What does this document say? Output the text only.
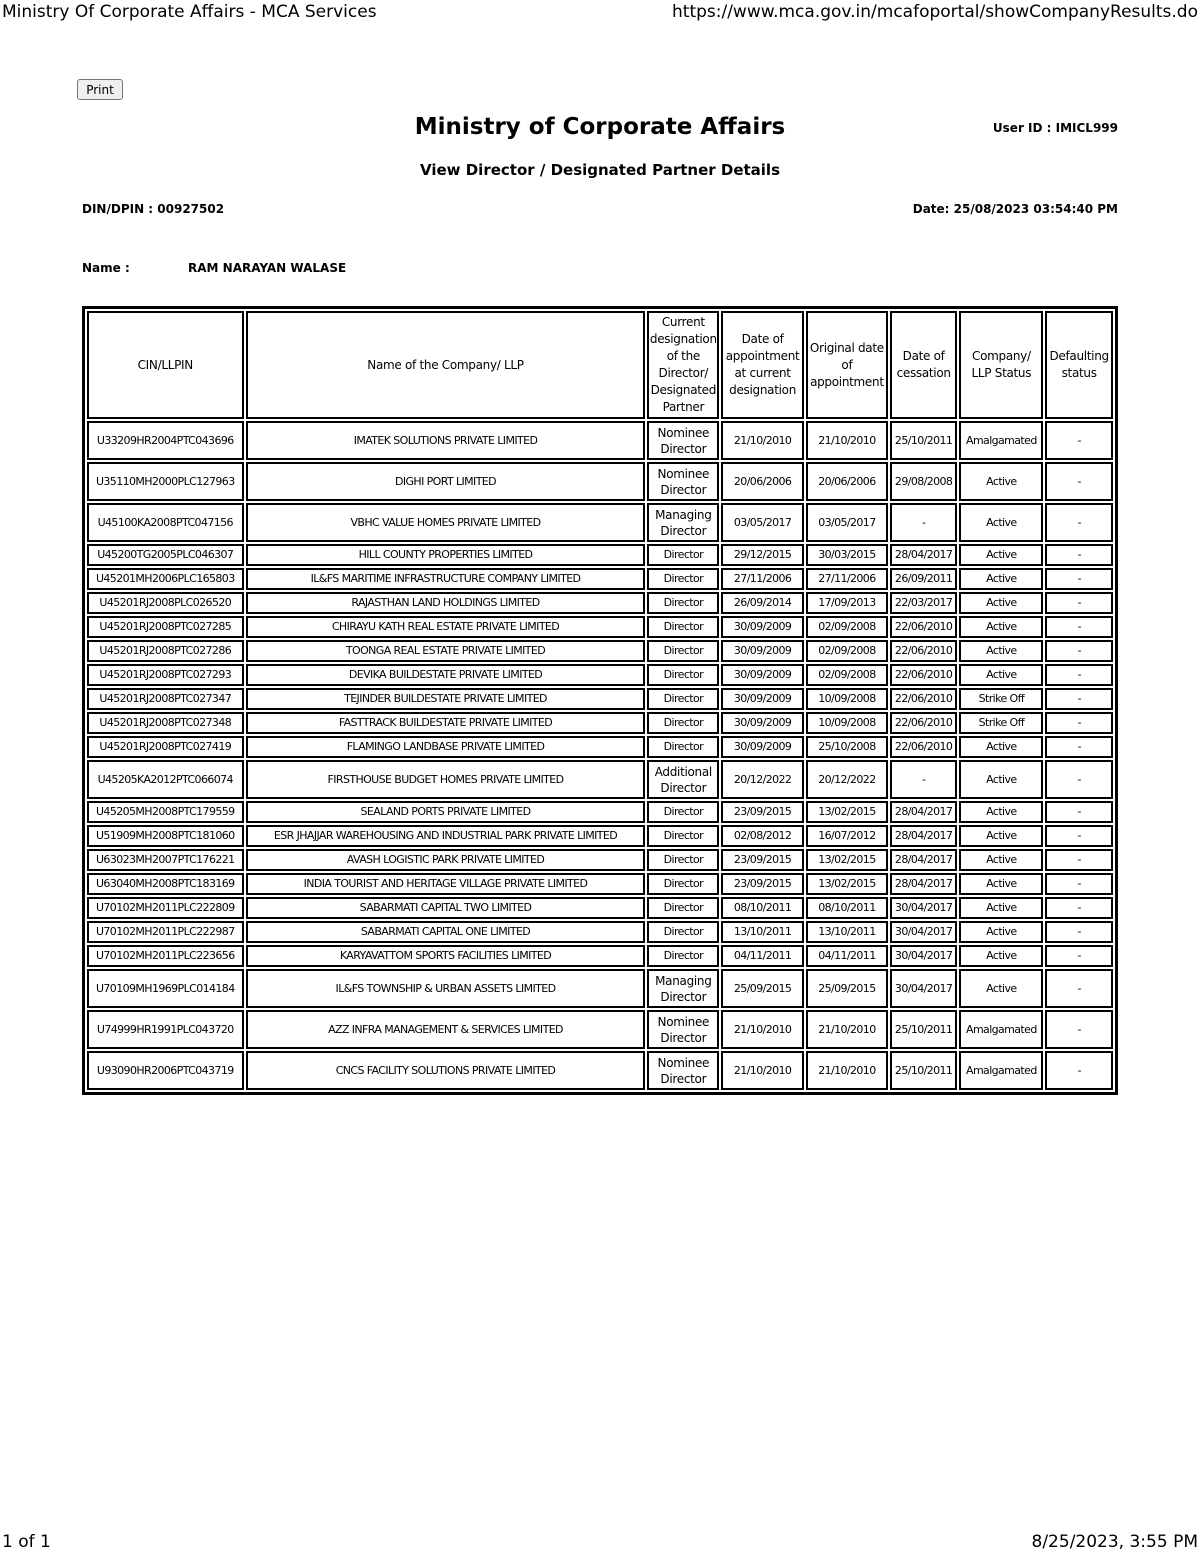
Ministry Of Corporate Affairs - MCA Services	https://www.mca.gov.in/mcafoportal/showCompanyResults.do
Print
Ministry of Corporate Affairs	User ID : IMICL999
View Director / Designated Partner Details
DIN/DPIN : 00927502	Date: 25/08/2023 03:54:40 PM
Name :	RAM NARAYAN WALASE
CIN/LLPIN	Name of the Company/ LLP	Current designation of the Director/ Designated Partner	Date of appointment at current designation	Original date of appointment	Date of cessation	Company/ LLP Status	Defaulting status
U33209HR2004PTC043696	IMATEK SOLUTIONS PRIVATE LIMITED	Nominee Director	21/10/2010	21/10/2010	25/10/2011	Amalgamated	-
U35110MH2000PLC127963	DIGHI PORT LIMITED	Nominee Director	20/06/2006	20/06/2006	29/08/2008	Active	-
U45100KA2008PTC047156	VBHC VALUE HOMES PRIVATE LIMITED	Managing Director	03/05/2017	03/05/2017	-	Active	-
U45200TG2005PLC046307	HILL COUNTY PROPERTIES LIMITED	Director	29/12/2015	30/03/2015	28/04/2017	Active	-
U45201MH2006PLC165803	IL&FS MARITIME INFRASTRUCTURE COMPANY LIMITED	Director	27/11/2006	27/11/2006	26/09/2011	Active	-
U45201RJ2008PLC026520	RAJASTHAN LAND HOLDINGS LIMITED	Director	26/09/2014	17/09/2013	22/03/2017	Active	-
U45201RJ2008PTC027285	CHIRAYU KATH REAL ESTATE PRIVATE LIMITED	Director	30/09/2009	02/09/2008	22/06/2010	Active	-
U45201RJ2008PTC027286	TOONGA REAL ESTATE PRIVATE LIMITED	Director	30/09/2009	02/09/2008	22/06/2010	Active	-
U45201RJ2008PTC027293	DEVIKA BUILDESTATE PRIVATE LIMITED	Director	30/09/2009	02/09/2008	22/06/2010	Active	-
U45201RJ2008PTC027347	TEJINDER BUILDESTATE PRIVATE LIMITED	Director	30/09/2009	10/09/2008	22/06/2010	Strike Off	-
U45201RJ2008PTC027348	FASTTRACK BUILDESTATE PRIVATE LIMITED	Director	30/09/2009	10/09/2008	22/06/2010	Strike Off	-
U45201RJ2008PTC027419	FLAMINGO LANDBASE PRIVATE LIMITED	Director	30/09/2009	25/10/2008	22/06/2010	Active	-
U45205KA2012PTC066074	FIRSTHOUSE BUDGET HOMES PRIVATE LIMITED	Additional Director	20/12/2022	20/12/2022	-	Active	-
U45205MH2008PTC179559	SEALAND PORTS PRIVATE LIMITED	Director	23/09/2015	13/02/2015	28/04/2017	Active	-
U51909MH2008PTC181060	ESR JHAJJAR WAREHOUSING AND INDUSTRIAL PARK PRIVATE LIMITED	Director	02/08/2012	16/07/2012	28/04/2017	Active	-
U63023MH2007PTC176221	AVASH LOGISTIC PARK PRIVATE LIMITED	Director	23/09/2015	13/02/2015	28/04/2017	Active	-
U63040MH2008PTC183169	INDIA TOURIST AND HERITAGE VILLAGE PRIVATE LIMITED	Director	23/09/2015	13/02/2015	28/04/2017	Active	-
U70102MH2011PLC222809	SABARMATI CAPITAL TWO LIMITED	Director	08/10/2011	08/10/2011	30/04/2017	Active	-
U70102MH2011PLC222987	SABARMATI CAPITAL ONE LIMITED	Director	13/10/2011	13/10/2011	30/04/2017	Active	-
U70102MH2011PLC223656	KARYAVATTOM SPORTS FACILITIES LIMITED	Director	04/11/2011	04/11/2011	30/04/2017	Active	-
U70109MH1969PLC014184	IL&FS TOWNSHIP & URBAN ASSETS LIMITED	Managing Director	25/09/2015	25/09/2015	30/04/2017	Active	-
U74999HR1991PLC043720	AZZ INFRA MANAGEMENT & SERVICES LIMITED	Nominee Director	21/10/2010	21/10/2010	25/10/2011	Amalgamated	-
U93090HR2006PTC043719	CNCS FACILITY SOLUTIONS PRIVATE LIMITED	Nominee Director	21/10/2010	21/10/2010	25/10/2011	Amalgamated	-
1 of 1	8/25/2023, 3:55 PM
